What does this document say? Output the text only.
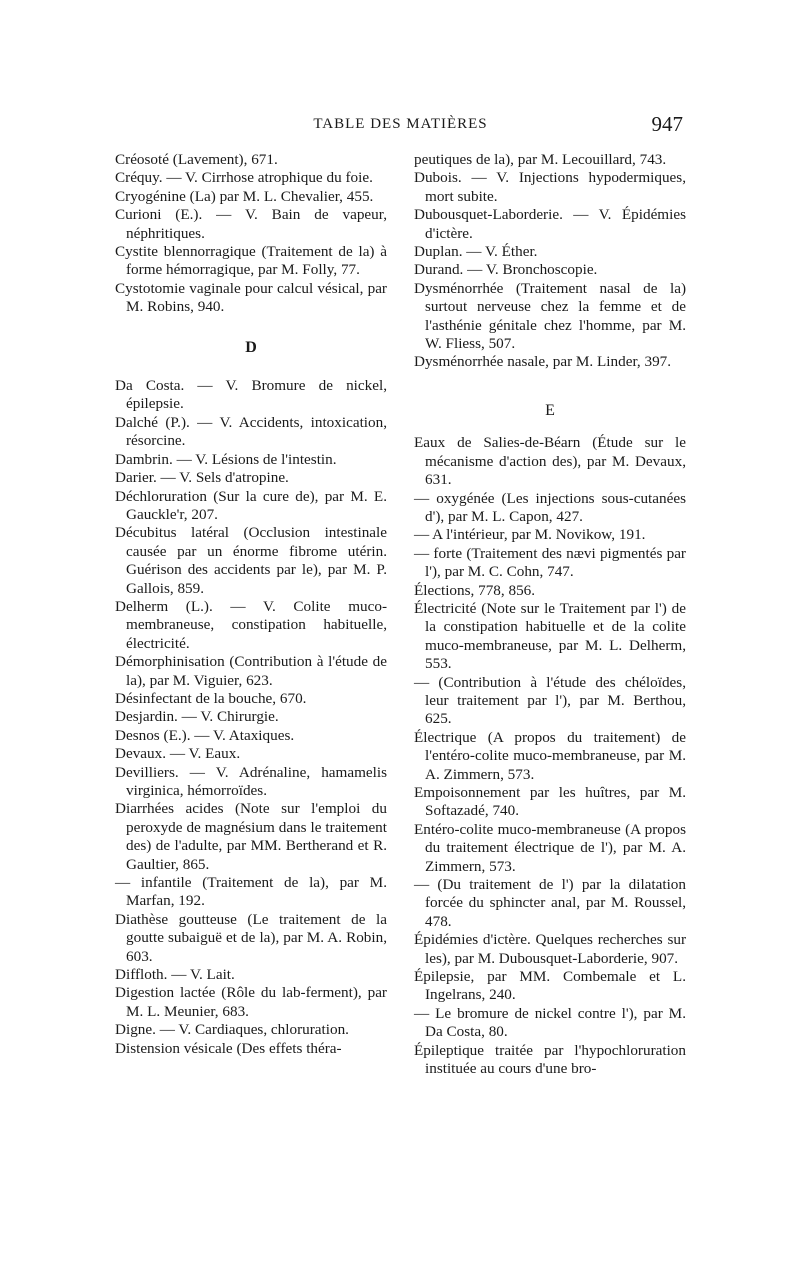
TABLE DES MATIÈRES	947

Créosoté (Lavement), 671.

Créquy. — V. Cirrhose atrophique du foie.

Cryogénine (La) par M. L. Chevalier, 455.

Curioni (E.). — V. Bain de vapeur, néphritiques.

Cystite blennorragique (Traitement de la) à forme hémorragique, par M. Folly, 77.

Cystotomie vaginale pour calcul vésical, par M. Robins, 940.

D

Da Costa. — V. Bromure de nickel, épilepsie.

Dalché (P.). — V. Accidents, intoxication, résorcine.

Dambrin. — V. Lésions de l'intestin.

Darier. — V. Sels d'atropine.

Déchloruration (Sur la cure de), par M. E. Gauckle'r, 207.

Décubitus latéral (Occlusion intestinale causée par un énorme fibrome utérin. Guérison des accidents par le), par M. P. Gallois, 859.

Delherm (L.). — V. Colite muco-membraneuse, constipation habituelle, électricité.

Démorphinisation (Contribution à l'étude de la), par M. Viguier, 623.

Désinfectant de la bouche, 670.

Desjardin. — V. Chirurgie.

Desnos (E.). — V. Ataxiques.

Devaux. — V. Eaux.

Devilliers. — V. Adrénaline, hamamelis virginica, hémorroïdes.

Diarrhées acides (Note sur l'emploi du peroxyde de magnésium dans le traitement des) de l'adulte, par MM. Bertherand et R. Gaultier, 865.

— infantile (Traitement de la), par M. Marfan, 192.

Diathèse goutteuse (Le traitement de la goutte subaiguë et de la), par M. A. Robin, 603.

Diffloth. — V. Lait.

Digestion lactée (Rôle du lab-ferment), par M. L. Meunier, 683.

Digne. — V. Cardiaques, chloruration.

Distension vésicale (Des effets théra-

peutiques de la), par M. Lecouillard, 743.

Dubois. — V. Injections hypodermiques, mort subite.

Dubousquet-Laborderie. — V. Épidémies d'ictère.

Duplan. — V. Éther.

Durand. — V. Bronchoscopie.

Dysménorrhée (Traitement nasal de la) surtout nerveuse chez la femme et de l'asthénie génitale chez l'homme, par M. W. Fliess, 507.

Dysménorrhée nasale, par M. Linder, 397.

E

Eaux de Salies-de-Béarn (Étude sur le mécanisme d'action des), par M. Devaux, 631.

— oxygénée (Les injections sous-cutanées d'), par M. L. Capon, 427.

— A l'intérieur, par M. Novikow, 191.

— forte (Traitement des nævi pigmentés par l'), par M. C. Cohn, 747.

Élections, 778, 856.

Électricité (Note sur le Traitement par l') de la constipation habituelle et de la colite muco-membraneuse, par M. L. Delherm, 553.

— (Contribution à l'étude des chéloïdes, leur traitement par l'), par M. Berthou, 625.

Électrique (A propos du traitement) de l'entéro-colite muco-membraneuse, par M. A. Zimmern, 573.

Empoisonnement par les huîtres, par M. Softazadé, 740.

Entéro-colite muco-membraneuse (A propos du traitement électrique de l'), par M. A. Zimmern, 573.

— (Du traitement de l') par la dilatation forcée du sphincter anal, par M. Roussel, 478.

Épidémies d'ictère. Quelques recherches sur les), par M. Dubousquet-Laborderie, 907.

Épilepsie, par MM. Combemale et L. Ingelrans, 240.

— Le bromure de nickel contre l'), par M. Da Costa, 80.

Épileptique traitée par l'hypochloruration instituée au cours d'une bro-
